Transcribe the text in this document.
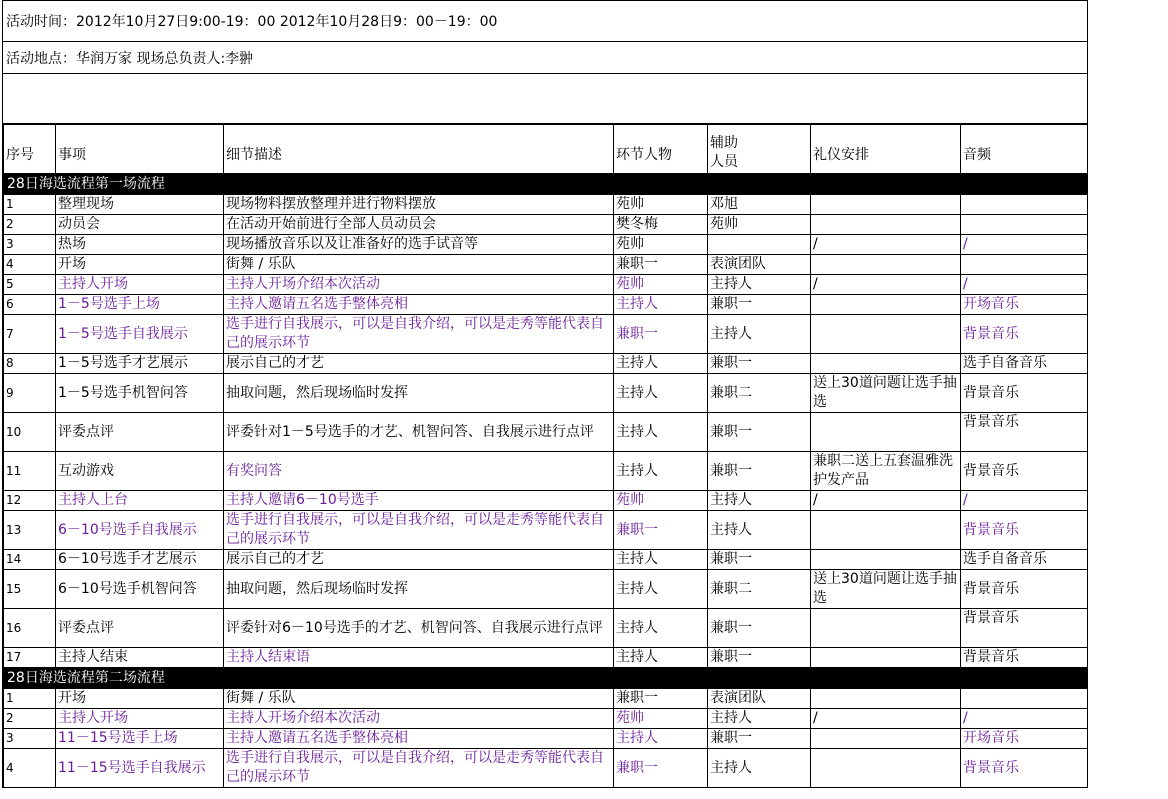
活动时间：2012年10月27日9:00-19：00 2012年10月28日9：00－19：00
活动地点：华润万家 现场总负责人:李翀
序号	事项	细节描述	环节人物	辅助人员	礼仪安排	音频
28日海选流程第一场流程						
1	整理现场	现场物料摆放整理并进行物料摆放	苑帅	邓旭		
2	动员会	在活动开始前进行全部人员动员会	樊冬梅	苑帅		
3	热场	现场播放音乐以及让准备好的选手试音等	苑帅		/	/
4	开场	街舞 / 乐队	兼职一	表演团队		
5	主持人开场	主持人开场介绍本次活动	苑帅	主持人	/	/
6	1－5号选手上场	主持人邀请五名选手整体亮相	主持人	兼职一		开场音乐
7	1－5号选手自我展示	选手进行自我展示，可以是自我介绍，可以是走秀等能代表自己的展示环节	兼职一	主持人		背景音乐
8	1－5号选手才艺展示	展示自己的才艺	主持人	兼职一		选手自备音乐
9	1－5号选手机智问答	抽取问题，然后现场临时发挥	主持人	兼职二	送上30道问题让选手抽选	背景音乐
10	评委点评	评委针对1－5号选手的才艺、机智问答、自我展示进行点评	主持人	兼职一		背景音乐
11	互动游戏	有奖问答	主持人	兼职一	兼职二送上五套温雅洗护发产品	背景音乐
12	主持人上台	主持人邀请6－10号选手	苑帅	主持人	/	/
13	6－10号选手自我展示	选手进行自我展示，可以是自我介绍，可以是走秀等能代表自己的展示环节	兼职一	主持人		背景音乐
14	6－10号选手才艺展示	展示自己的才艺	主持人	兼职一		选手自备音乐
15	6－10号选手机智问答	抽取问题，然后现场临时发挥	主持人	兼职二	送上30道问题让选手抽选	背景音乐
16	评委点评	评委针对6－10号选手的才艺、机智问答、自我展示进行点评	主持人	兼职一		背景音乐
17	主持人结束	主持人结束语	主持人	兼职一		背景音乐
28日海选流程第二场流程						
1	开场	街舞 / 乐队	兼职一	表演团队		
2	主持人开场	主持人开场介绍本次活动	苑帅	主持人	/	/
3	11－15号选手上场	主持人邀请五名选手整体亮相	主持人	兼职一		开场音乐
4	11－15号选手自我展示	选手进行自我展示，可以是自我介绍，可以是走秀等能代表自己的展示环节	兼职一	主持人		背景音乐
